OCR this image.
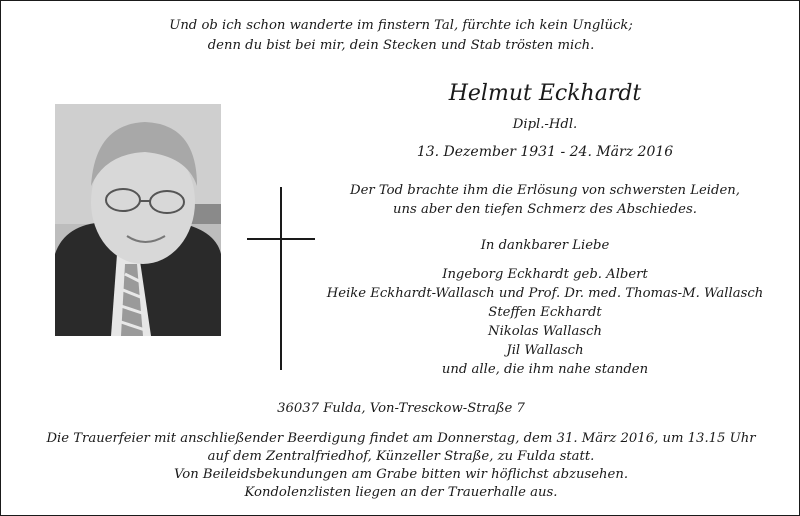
Und ob ich schon wanderte im finstern Tal, fürchte ich kein Unglück;
denn du bist bei mir, dein Stecken und Stab trösten mich.
Helmut Eckhardt
Dipl.-Hdl.
13. Dezember 1931 - 24. März 2016
Der Tod brachte ihm die Erlösung von schwersten Leiden,
uns aber den tiefen Schmerz des Abschiedes.
In dankbarer Liebe
Ingeborg Eckhardt geb. Albert
Heike Eckhardt-Wallasch und Prof. Dr. med. Thomas-M. Wallasch
Steffen Eckhardt
Nikolas Wallasch
Jil Wallasch
und alle, die ihm nahe standen
36037 Fulda, Von-Tresckow-Straße 7
Die Trauerfeier mit anschließender Beerdigung findet am Donnerstag, dem 31. März 2016, um 13.15 Uhr
auf dem Zentralfriedhof, Künzeller Straße, zu Fulda statt.
Von Beileidsbekundungen am Grabe bitten wir höflichst abzusehen.
Kondolenzlisten liegen an der Trauerhalle aus.
